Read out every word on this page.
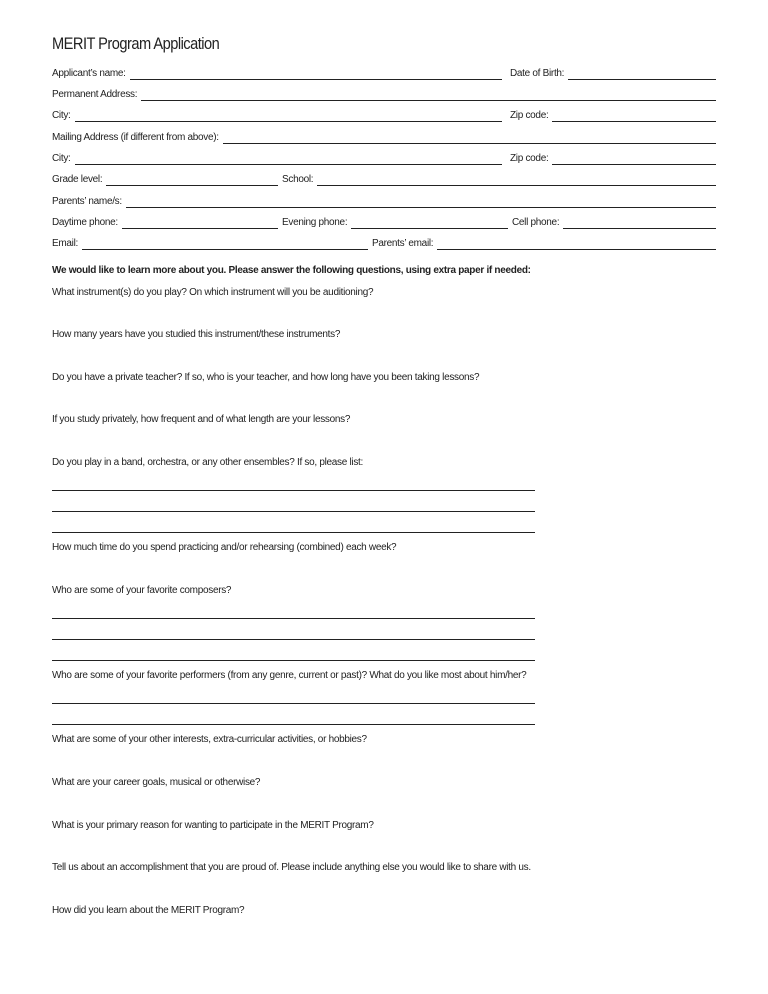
MERIT Program Application
Applicant’s name:	Date of Birth:
Permanent Address:
City:	Zip code:
Mailing Address (if different from above):
City:	Zip code:
Grade level:	School:
Parents’ name/s:
Daytime phone:	Evening phone:	Cell phone:
Email:	Parents’ email:
We would like to learn more about you. Please answer the following questions, using extra paper if needed:
What instrument(s) do you play? On which instrument will you be auditioning?
How many years have you studied this instrument/these instruments?
Do you have a private teacher? If so, who is your teacher, and how long have you been taking lessons?
If you study privately, how frequent and of what length are your lessons?
Do you play in a band, orchestra, or any other ensembles? If so, please list:
How much time do you spend practicing and/or rehearsing (combined) each week?
Who are some of your favorite composers?
Who are some of your favorite performers (from any genre, current or past)? What do you like most about him/her?
What are some of your other interests, extra-curricular activities, or hobbies?
What are your career goals, musical or otherwise?
What is your primary reason for wanting to participate in the MERIT Program?
Tell us about an accomplishment that you are proud of. Please include anything else you would like to share with us.
How did you learn about the MERIT Program?
